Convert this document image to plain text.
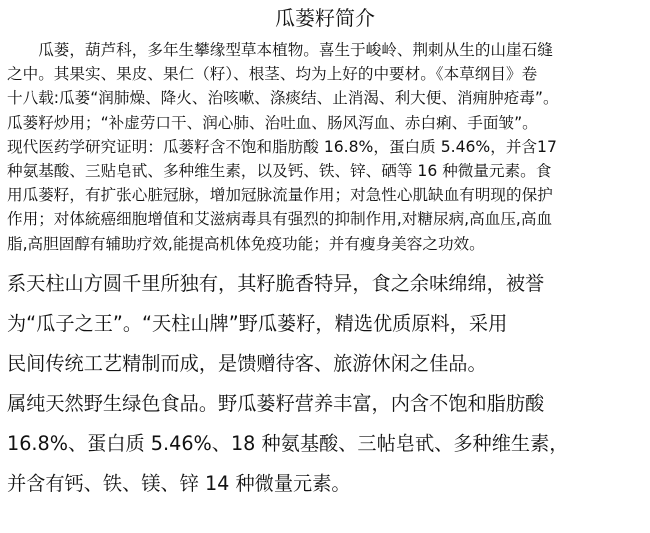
瓜蒌籽简介
　　瓜蒌，葫芦科，多年生攀缘型草本植物。喜生于峻岭、荆刺从生的山崖石缝
之中。其果实、果皮、果仁（籽）、根茎、均为上好的中要材。《本草纲目》卷
十八载:瓜蒌“润肺燥、降火、治咳嗽、涤痰结、止消渴、利大便、消痈肿疮毒”。
瓜蒌籽炒用；“补虚劳口干、润心肺、治吐血、肠风泻血、赤白痢、手面皱”。
现代医药学研究证明：瓜蒌籽含不饱和脂肪酸 16.8%，蛋白质 5.46%，并含17
种氨基酸、三贴皂甙、多种维生素，以及钙、铁、锌、硒等 16 种微量元素。食
用瓜蒌籽，有扩张心脏冠脉，增加冠脉流量作用；对急性心肌缺血有明现的保护
作用；对体統癌细胞增值和艾滋病毒具有强烈的抑制作用,对糖尿病,高血压,高血
脂,高胆固醇有辅助疗效,能提高机体免疫功能；并有瘦身美容之功效。
系天柱山方圆千里所独有，其籽脆香特异，食之余味绵绵，被誉
为“瓜子之王”。“天柱山牌”野瓜蒌籽，精选优质原料，采用
民间传统工艺精制而成，是馈赠待客、旅游休闲之佳品。
属纯天然野生绿色食品。野瓜蒌籽营养丰富，内含不饱和脂肪酸
16.8%、蛋白质 5.46%、18 种氨基酸、三帖皂甙、多种维生素，
并含有钙、铁、镁、锌 14 种微量元素。
